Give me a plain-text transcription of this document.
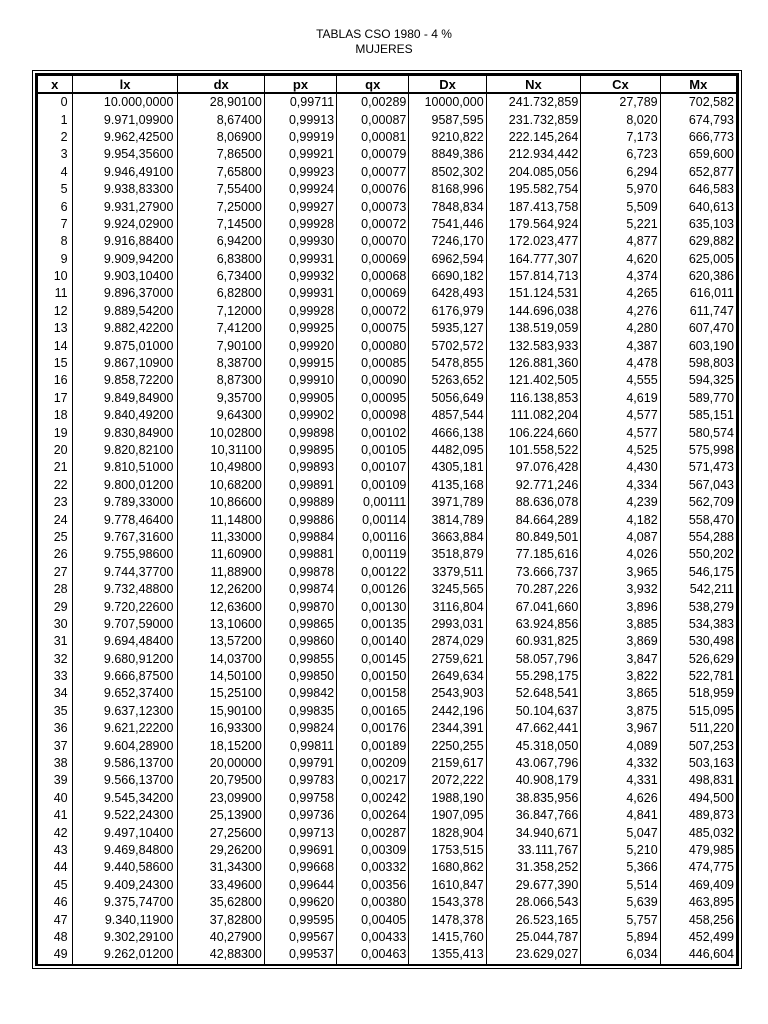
TABLAS CSO 1980 - 4 %
MUJERES
x	lx	dx	px	qx	Dx	Nx	Cx	Mx
0	10.000,0000	28,90100	0,99711	0,00289	10000,000	241.732,859	27,789	702,582
1	9.971,09900	8,67400	0,99913	0,00087	9587,595	231.732,859	8,020	674,793
2	9.962,42500	8,06900	0,99919	0,00081	9210,822	222.145,264	7,173	666,773
3	9.954,35600	7,86500	0,99921	0,00079	8849,386	212.934,442	6,723	659,600
4	9.946,49100	7,65800	0,99923	0,00077	8502,302	204.085,056	6,294	652,877
5	9.938,83300	7,55400	0,99924	0,00076	8168,996	195.582,754	5,970	646,583
6	9.931,27900	7,25000	0,99927	0,00073	7848,834	187.413,758	5,509	640,613
7	9.924,02900	7,14500	0,99928	0,00072	7541,446	179.564,924	5,221	635,103
8	9.916,88400	6,94200	0,99930	0,00070	7246,170	172.023,477	4,877	629,882
9	9.909,94200	6,83800	0,99931	0,00069	6962,594	164.777,307	4,620	625,005
10	9.903,10400	6,73400	0,99932	0,00068	6690,182	157.814,713	4,374	620,386
11	9.896,37000	6,82800	0,99931	0,00069	6428,493	151.124,531	4,265	616,011
12	9.889,54200	7,12000	0,99928	0,00072	6176,979	144.696,038	4,276	611,747
13	9.882,42200	7,41200	0,99925	0,00075	5935,127	138.519,059	4,280	607,470
14	9.875,01000	7,90100	0,99920	0,00080	5702,572	132.583,933	4,387	603,190
15	9.867,10900	8,38700	0,99915	0,00085	5478,855	126.881,360	4,478	598,803
16	9.858,72200	8,87300	0,99910	0,00090	5263,652	121.402,505	4,555	594,325
17	9.849,84900	9,35700	0,99905	0,00095	5056,649	116.138,853	4,619	589,770
18	9.840,49200	9,64300	0,99902	0,00098	4857,544	111.082,204	4,577	585,151
19	9.830,84900	10,02800	0,99898	0,00102	4666,138	106.224,660	4,577	580,574
20	9.820,82100	10,31100	0,99895	0,00105	4482,095	101.558,522	4,525	575,998
21	9.810,51000	10,49800	0,99893	0,00107	4305,181	97.076,428	4,430	571,473
22	9.800,01200	10,68200	0,99891	0,00109	4135,168	92.771,246	4,334	567,043
23	9.789,33000	10,86600	0,99889	0,00111	3971,789	88.636,078	4,239	562,709
24	9.778,46400	11,14800	0,99886	0,00114	3814,789	84.664,289	4,182	558,470
25	9.767,31600	11,33000	0,99884	0,00116	3663,884	80.849,501	4,087	554,288
26	9.755,98600	11,60900	0,99881	0,00119	3518,879	77.185,616	4,026	550,202
27	9.744,37700	11,88900	0,99878	0,00122	3379,511	73.666,737	3,965	546,175
28	9.732,48800	12,26200	0,99874	0,00126	3245,565	70.287,226	3,932	542,211
29	9.720,22600	12,63600	0,99870	0,00130	3116,804	67.041,660	3,896	538,279
30	9.707,59000	13,10600	0,99865	0,00135	2993,031	63.924,856	3,885	534,383
31	9.694,48400	13,57200	0,99860	0,00140	2874,029	60.931,825	3,869	530,498
32	9.680,91200	14,03700	0,99855	0,00145	2759,621	58.057,796	3,847	526,629
33	9.666,87500	14,50100	0,99850	0,00150	2649,634	55.298,175	3,822	522,781
34	9.652,37400	15,25100	0,99842	0,00158	2543,903	52.648,541	3,865	518,959
35	9.637,12300	15,90100	0,99835	0,00165	2442,196	50.104,637	3,875	515,095
36	9.621,22200	16,93300	0,99824	0,00176	2344,391	47.662,441	3,967	511,220
37	9.604,28900	18,15200	0,99811	0,00189	2250,255	45.318,050	4,089	507,253
38	9.586,13700	20,00000	0,99791	0,00209	2159,617	43.067,796	4,332	503,163
39	9.566,13700	20,79500	0,99783	0,00217	2072,222	40.908,179	4,331	498,831
40	9.545,34200	23,09900	0,99758	0,00242	1988,190	38.835,956	4,626	494,500
41	9.522,24300	25,13900	0,99736	0,00264	1907,095	36.847,766	4,841	489,873
42	9.497,10400	27,25600	0,99713	0,00287	1828,904	34.940,671	5,047	485,032
43	9.469,84800	29,26200	0,99691	0,00309	1753,515	33.111,767	5,210	479,985
44	9.440,58600	31,34300	0,99668	0,00332	1680,862	31.358,252	5,366	474,775
45	9.409,24300	33,49600	0,99644	0,00356	1610,847	29.677,390	5,514	469,409
46	9.375,74700	35,62800	0,99620	0,00380	1543,378	28.066,543	5,639	463,895
47	9.340,11900	37,82800	0,99595	0,00405	1478,378	26.523,165	5,757	458,256
48	9.302,29100	40,27900	0,99567	0,00433	1415,760	25.044,787	5,894	452,499
49	9.262,01200	42,88300	0,99537	0,00463	1355,413	23.629,027	6,034	446,604
